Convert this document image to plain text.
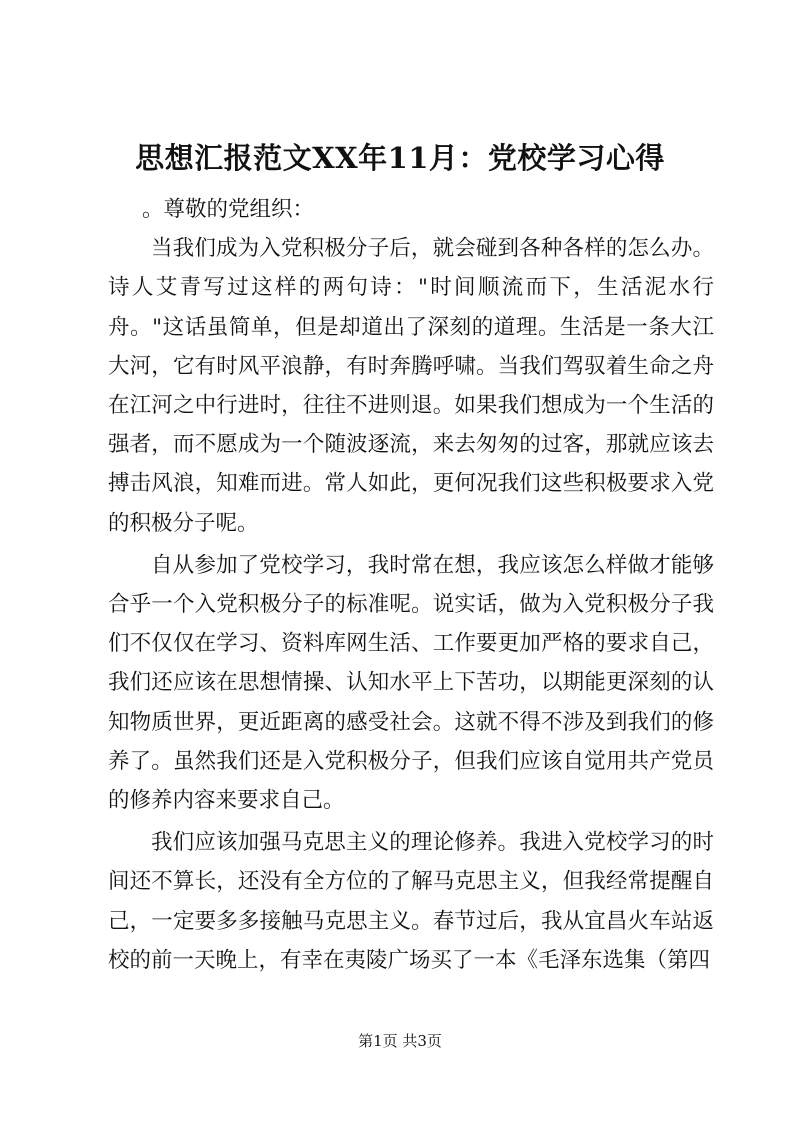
思想汇报范文XX年11月：党校学习心得

。尊敬的党组织：

当我们成为入党积极分子后，就会碰到各种各样的怎么办。诗人艾青写过这样的两句诗："时间顺流而下，生活泥水行舟。"这话虽简单，但是却道出了深刻的道理。生活是一条大江大河，它有时风平浪静，有时奔腾呼啸。当我们驾驭着生命之舟在江河之中行进时，往往不进则退。如果我们想成为一个生活的强者，而不愿成为一个随波逐流，来去匆匆的过客，那就应该去搏击风浪，知难而进。常人如此，更何况我们这些积极要求入党的积极分子呢。

自从参加了党校学习，我时常在想，我应该怎么样做才能够合乎一个入党积极分子的标准呢。说实话，做为入党积极分子我们不仅仅在学习、资料库网生活、工作要更加严格的要求自己，我们还应该在思想情操、认知水平上下苦功，以期能更深刻的认知物质世界，更近距离的感受社会。这就不得不涉及到我们的修养了。虽然我们还是入党积极分子，但我们应该自觉用共产党员的修养内容来要求自己。

我们应该加强马克思主义的理论修养。我进入党校学习的时间还不算长，还没有全方位的了解马克思主义，但我经常提醒自己，一定要多多接触马克思主义。春节过后，我从宜昌火车站返校的前一天晚上，有幸在夷陵广场买了一本《毛泽东选集（第四

第1页 共3页
